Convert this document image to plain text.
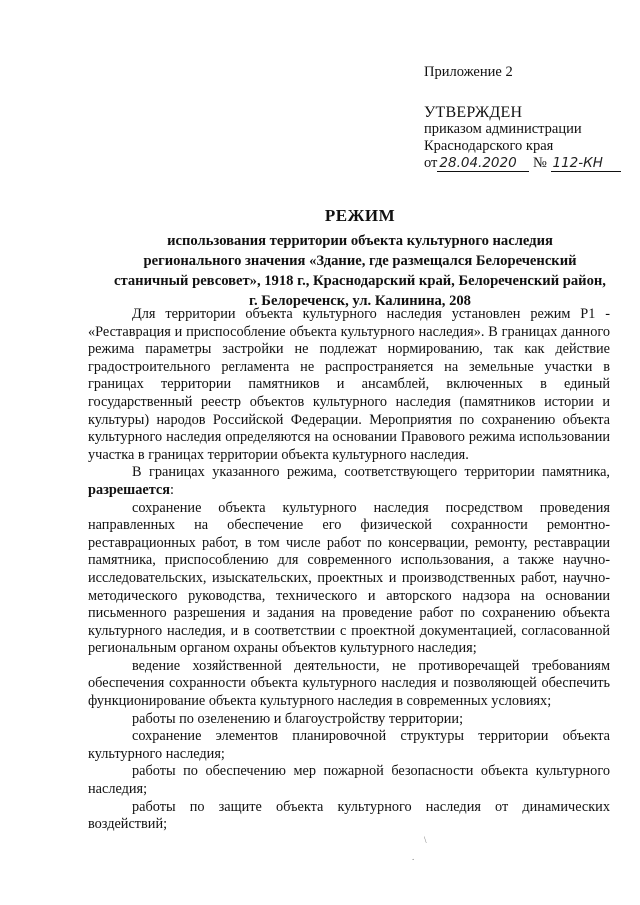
Приложение 2
УТВЕРЖДЕН
приказом администрации
Краснодарского края
от 28.04.2020 № 112-КН

РЕЖИМ

использования территории объекта культурного наследия
регионального значения «Здание, где размещался Белореченский
станичный ревсовет», 1918 г., Краснодарский край, Белореченский район,
г. Белореченск, ул. Калинина, 208

Для территории объекта культурного наследия установлен режим Р1 - «Реставрация и приспособление объекта культурного наследия». В границах данного режима параметры застройки не подлежат нормированию, так как действие градостроительного регламента не распространяется на земельные участки в границах территории памятников и ансамблей, включенных в единый государственный реестр объектов культурного наследия (памятников истории и культуры) народов Российской Федерации. Мероприятия по сохранению объекта культурного наследия определяются на основании Правового режима использовании участка в границах территории объекта культурного наследия.

В границах указанного режима, соответствующего территории памятника, разрешается:

сохранение объекта культурного наследия посредством проведения направленных на обеспечение его физической сохранности ремонтно-реставрационных работ, в том числе работ по консервации, ремонту, реставрации памятника, приспособлению для современного использования, а также научно-исследовательских, изыскательских, проектных и производственных работ, научно-методического руководства, технического и авторского надзора на основании письменного разрешения и задания на проведение работ по сохранению объекта культурного наследия, и в соответствии с проектной документацией, согласованной региональным органом охраны объектов культурного наследия;

ведение хозяйственной деятельности, не противоречащей требованиям обеспечения сохранности объекта культурного наследия и позволяющей обеспечить функционирование объекта культурного наследия в современных условиях;

работы по озеленению и благоустройству территории;

сохранение элементов планировочной структуры территории объекта культурного наследия;

работы по обеспечению мер пожарной безопасности объекта культурного наследия;

работы по защите объекта культурного наследия от динамических воздействий;

\
.
